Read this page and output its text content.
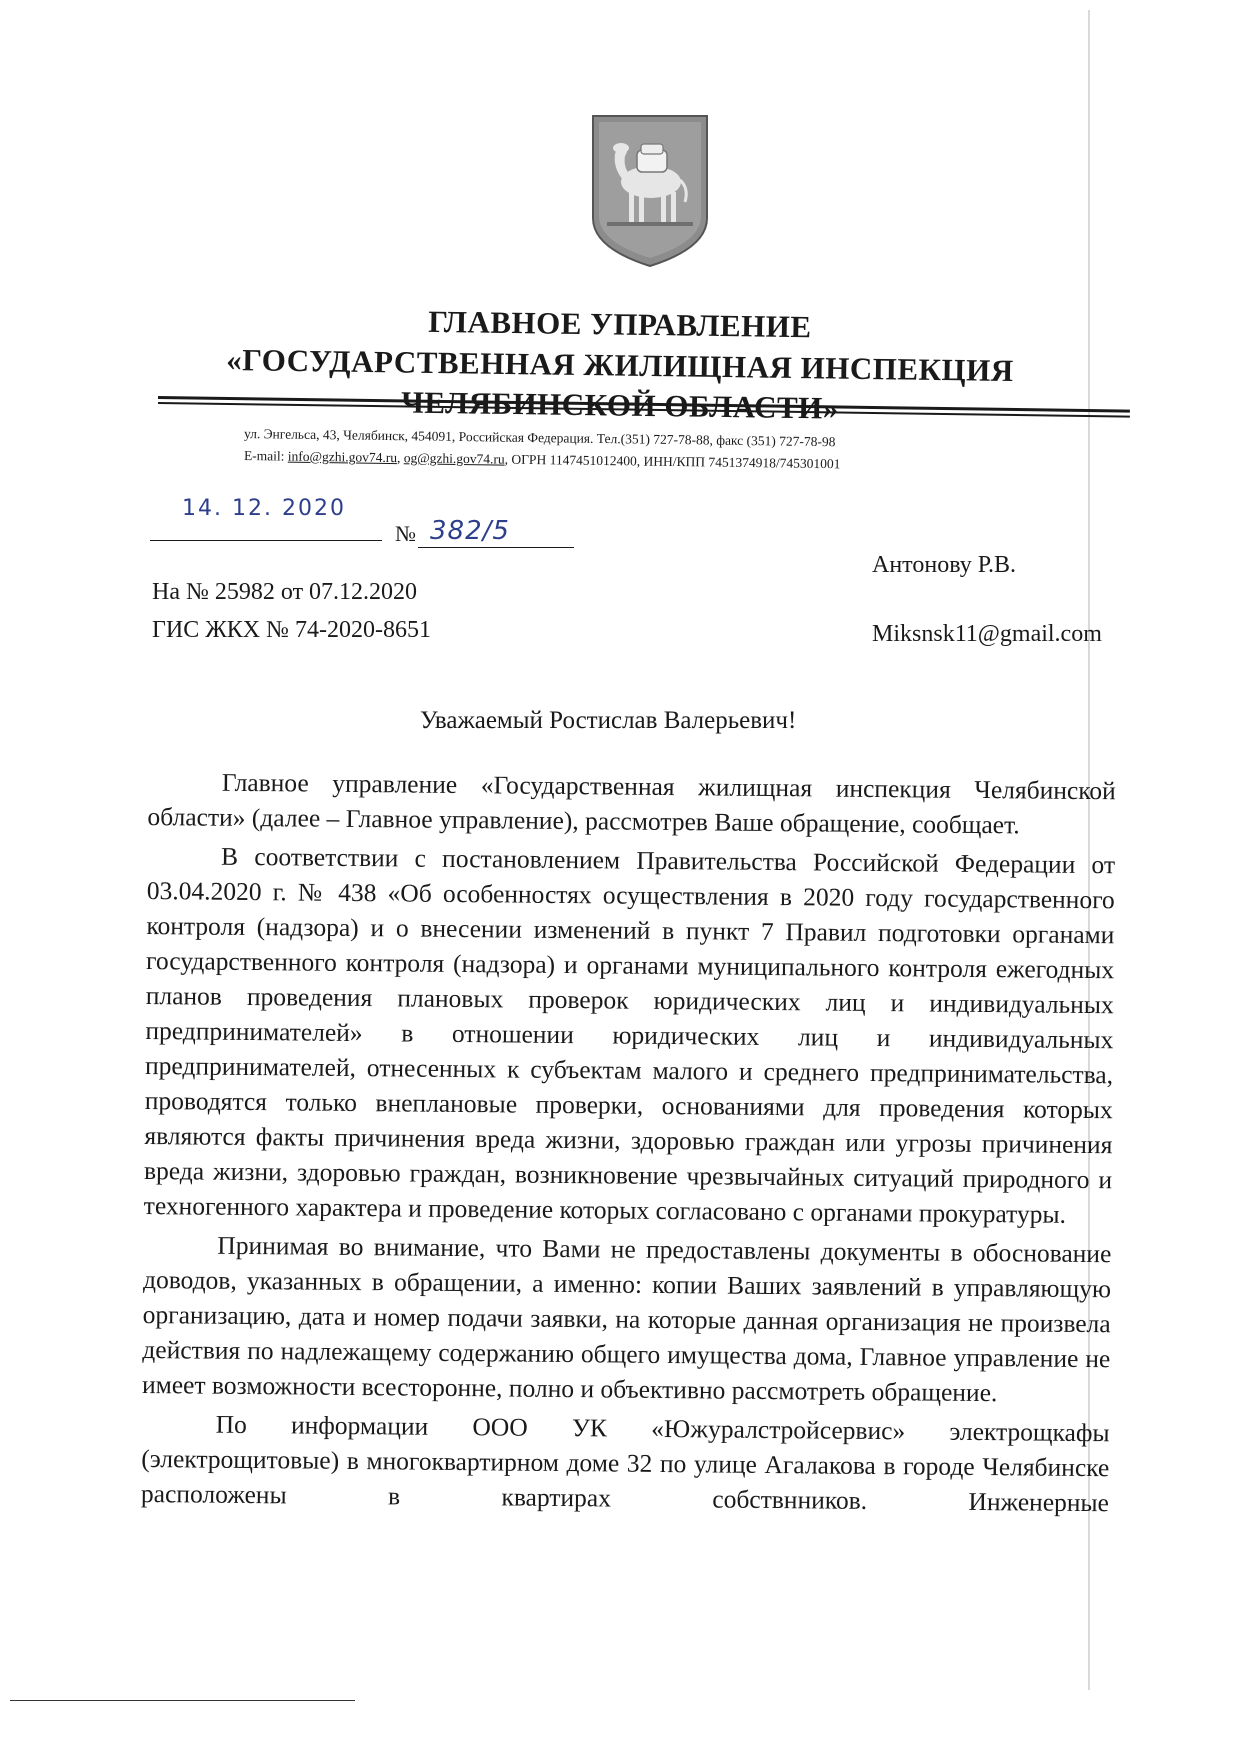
ГЛАВНОЕ УПРАВЛЕНИЕ
«ГОСУДАРСТВЕННАЯ ЖИЛИЩНАЯ ИНСПЕКЦИЯ
ул. Энгельса, 43, Челябинск, 454091, Российская Федерация. Тел.(351) 727-78-88, факс (351) 727-78-98
E-mail: info@gzhi.gov74.ru, og@gzhi.gov74.ru, ОГРН 1147451012400, ИНН/КПП 7451374918/745301001
14. 12. 2020
№ 382/5
Антонову Р.В.
Miksnsk11@gmail.com
На № 25982 от 07.12.2020
ГИС ЖКХ № 74-2020-8651
Уважаемый Ростислав Валерьевич!

Главное управление «Государственная жилищная инспекция Челябинской области» (далее – Главное управление), рассмотрев Ваше обращение, сообщает.

В соответствии с постановлением Правительства Российской Федерации от 03.04.2020 г. № 438 «Об особенностях осуществления в 2020 году государственного контроля (надзора) и о внесении изменений в пункт 7 Правил подготовки органами государственного контроля (надзора) и органами муниципального контроля ежегодных планов проведения плановых проверок юридических лиц и индивидуальных предпринимателей» в отношении юридических лиц и индивидуальных предпринимателей, отнесенных к субъектам малого и среднего предпринимательства, проводятся только внеплановые проверки, основаниями для проведения которых являются факты причинения вреда жизни, здоровью граждан или угрозы причинения вреда жизни, здоровью граждан, возникновение чрезвычайных ситуаций природного и техногенного характера и проведение которых согласовано с органами прокуратуры.

Принимая во внимание, что Вами не предоставлены документы в обоснование доводов, указанных в обращении, а именно: копии Ваших заявлений в управляющую организацию, дата и номер подачи заявки, на которые данная организация не произвела действия по надлежащему содержанию общего имущества дома, Главное управление не имеет возможности всесторонне, полно и объективно рассмотреть обращение.

По информации ООО УК «Южуралстройсервис» электрощкафы (электрощитовые) в многоквартирном доме 32 по улице Агалакова в городе Челябинске расположены в квартирах собствнников. Инженерные
